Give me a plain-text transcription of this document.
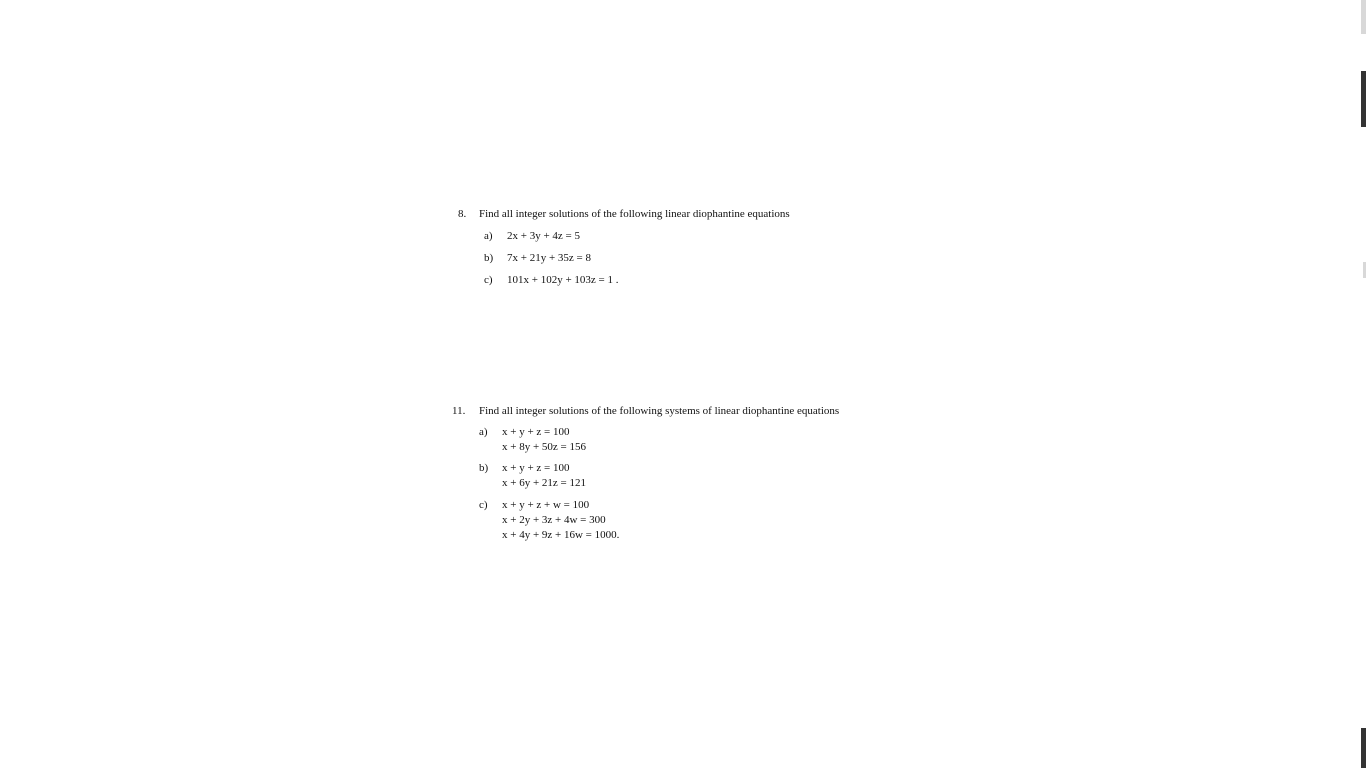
8. Find all integer solutions of the following linear diophantine equations
a) 2x + 3y + 4z = 5
b) 7x + 21y + 35z = 8
c) 101x + 102y + 103z = 1 .
11. Find all integer solutions of the following systems of linear diophantine equations
a) x + y + z = 100
x + 8y + 50z = 156
b) x + y + z = 100
x + 6y + 21z = 121
c) x + y + z + w = 100
x + 2y + 3z + 4w = 300
x + 4y + 9z + 16w = 1000.
